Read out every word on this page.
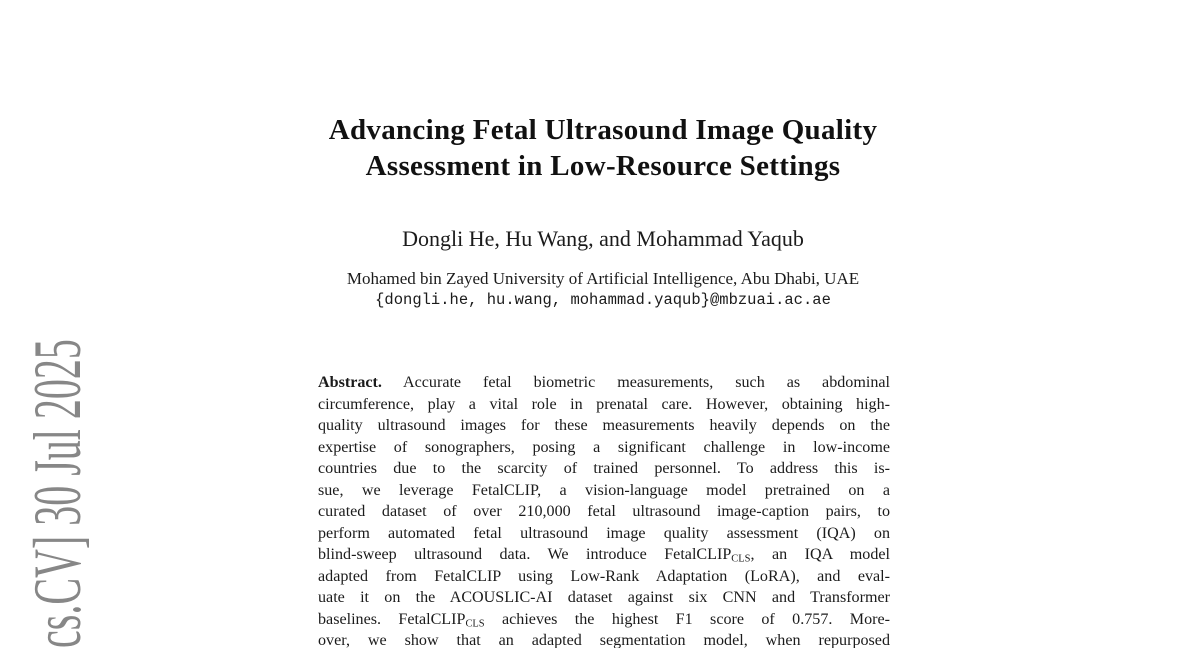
cs.CV] 30 Jul 2025
Advancing Fetal Ultrasound Image Quality
Assessment in Low-Resource Settings
Dongli He, Hu Wang, and Mohammad Yaqub
Mohamed bin Zayed University of Artificial Intelligence, Abu Dhabi, UAE
{dongli.he, hu.wang, mohammad.yaqub}@mbzuai.ac.ae
Abstract. Accurate fetal biometric measurements, such as abdominal
circumference, play a vital role in prenatal care. However, obtaining high-
quality ultrasound images for these measurements heavily depends on the
expertise of sonographers, posing a significant challenge in low-income
countries due to the scarcity of trained personnel. To address this is-
sue, we leverage FetalCLIP, a vision-language model pretrained on a
curated dataset of over 210,000 fetal ultrasound image-caption pairs, to
perform automated fetal ultrasound image quality assessment (IQA) on
blind-sweep ultrasound data. We introduce FetalCLIP$_{CLS}$, an IQA model
adapted from FetalCLIP using Low-Rank Adaptation (LoRA), and eval-
uate it on the ACOUSLIC-AI dataset against six CNN and Transformer
baselines. FetalCLIP$_{CLS}$ achieves the highest F1 score of 0.757. More-
over, we show that an adapted segmentation model, when repurposed
